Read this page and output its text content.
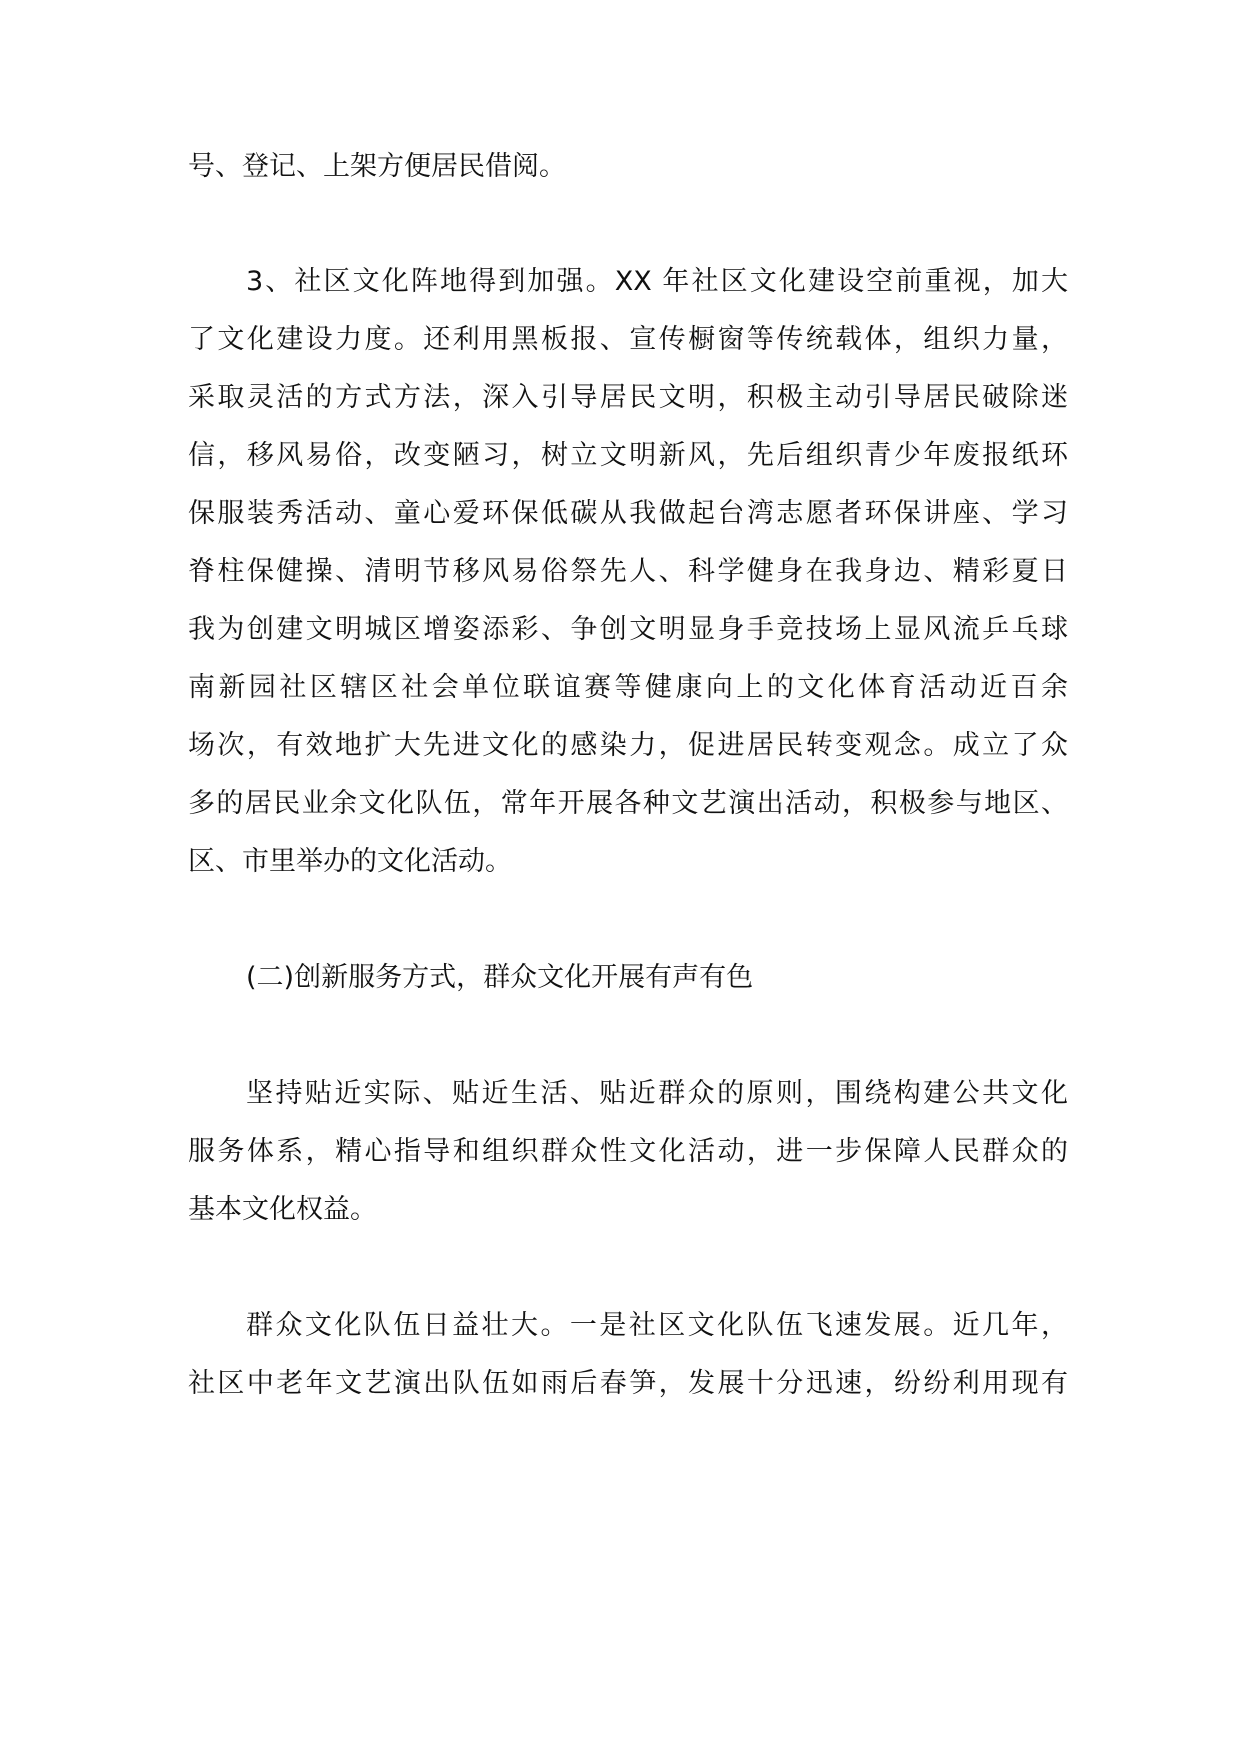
号、登记、上架方便居民借阅。
3、社区文化阵地得到加强。XX 年社区文化建设空前重视，加大
了文化建设力度。还利用黑板报、宣传橱窗等传统载体，组织力量，
采取灵活的方式方法，深入引导居民文明，积极主动引导居民破除迷
信，移风易俗，改变陋习，树立文明新风，先后组织青少年废报纸环
保服装秀活动、童心爱环保低碳从我做起台湾志愿者环保讲座、学习
脊柱保健操、清明节移风易俗祭先人、科学健身在我身边、精彩夏日
我为创建文明城区增姿添彩、争创文明显身手竞技场上显风流乒乓球
南新园社区辖区社会单位联谊赛等健康向上的文化体育活动近百余
场次，有效地扩大先进文化的感染力，促进居民转变观念。成立了众
多的居民业余文化队伍，常年开展各种文艺演出活动，积极参与地区、
区、市里举办的文化活动。
(二)创新服务方式，群众文化开展有声有色
坚持贴近实际、贴近生活、贴近群众的原则，围绕构建公共文化
服务体系，精心指导和组织群众性文化活动，进一步保障人民群众的
基本文化权益。
群众文化队伍日益壮大。一是社区文化队伍飞速发展。近几年，
社区中老年文艺演出队伍如雨后春笋，发展十分迅速，纷纷利用现有
